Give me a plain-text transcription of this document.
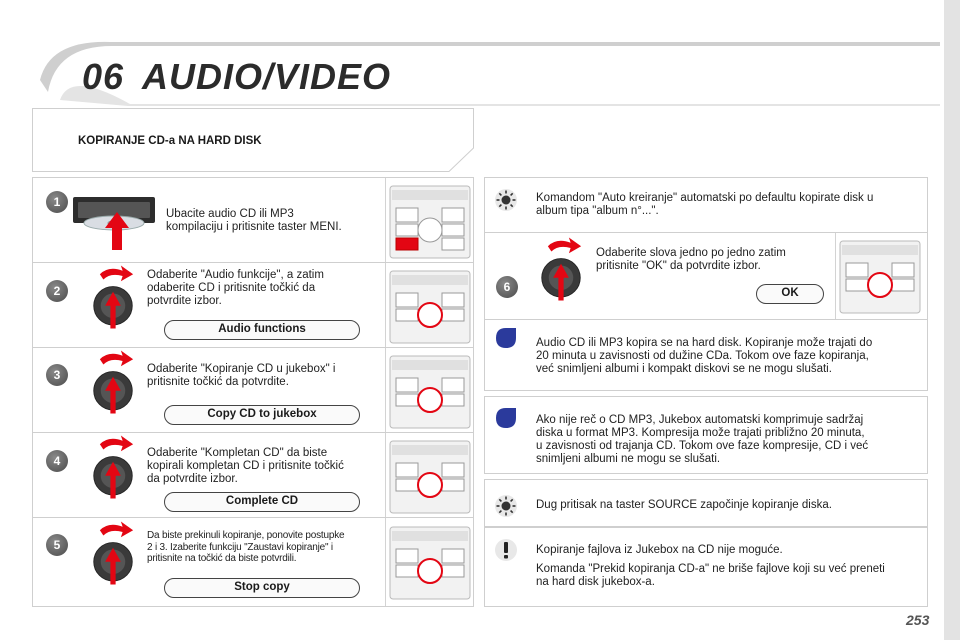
06 AUDIO/VIDEO
KOPIRANJE CD-a NA HARD DISK
1
Ubacite audio CD ili MP3
kompilaciju i pritisnite taster MENI.
2
Odaberite "Audio funkcije", a zatim
odaberite CD i pritisnite točkić da
potvrdite izbor.
Audio functions
3	Odaberite "Kopiranje CD u jukebox" i
pritisnite točkić da potvrdite.
Copy CD to jukebox
4
Odaberite "Kompletan CD" da biste
kopirali kompletan CD i pritisnite točkić
da potvrdite izbor.
Complete CD
5
Da biste prekinuli kopiranje, ponovite postupke
2 i 3. Izaberite funkciju "Zaustavi kopiranje" i
pritisnite na točkić da biste potvrdili.
Stop copy
Komandom "Auto kreiranje" automatski po defaultu kopirate disk u
album tipa "album n°...".
6
Odaberite slova jedno po jedno zatim
pritisnite "OK" da potvrdite izbor.
OK
Audio CD ili MP3 kopira se na hard disk. Kopiranje može trajati do
20 minuta u zavisnosti od dužine CDa. Tokom ove faze kopiranja,
već snimljeni albumi i kompakt diskovi se ne mogu slušati.
Ako nije reč o CD MP3, Jukebox automatski komprimuje sadržaj
diska u format MP3. Kompresija može trajati približno 20 minuta,
u zavisnosti od trajanja CD. Tokom ove faze kompresije, CD i već
snimljeni albumi ne mogu se slušati.
Dug pritisak na taster SOURCE započinje kopiranje diska.
Kopiranje fajlova iz Jukebox na CD nije moguće.
Komanda "Prekid kopiranja CD-a" ne briše fajlove koji su već preneti
na hard disk jukebox-a.
253
